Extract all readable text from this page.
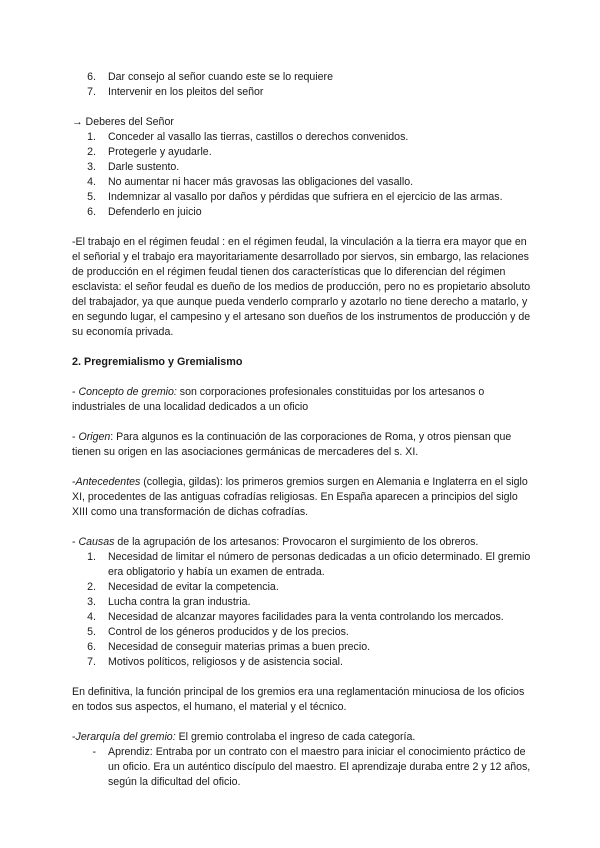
6.	Dar consejo al señor cuando este se lo requiere
7.	Intervenir en los pleitos del señor

→ Deberes del Señor

1.	Conceder al vasallo las tierras, castillos o derechos convenidos.
2.	Protegerle y ayudarle.
3.	Darle sustento.
4.	No aumentar ni hacer más gravosas las obligaciones del vasallo.
5.	Indemnizar al vasallo por daños y pérdidas que sufriera en el ejercicio de las armas.
6.	Defenderlo en juicio

-El trabajo en el régimen feudal : en el régimen feudal, la vinculación a la tierra era mayor que en el señorial y el trabajo era mayoritariamente desarrollado por siervos, sin embargo, las relaciones de producción en el régimen feudal tienen dos características que lo diferencian del régimen esclavista: el señor feudal es dueño de los medios de producción, pero no es propietario absoluto del trabajador, ya que aunque pueda venderlo comprarlo y azotarlo no tiene derecho a matarlo, y en segundo lugar, el campesino y el artesano son dueños de los instrumentos de producción y de su economía privada.

2. Pregremialismo y Gremialismo

- Concepto de gremio: son corporaciones profesionales constituidas por los artesanos o industriales de una localidad dedicados a un oficio

- Origen: Para algunos es la continuación de las corporaciones de Roma, y otros piensan que tienen su origen en las asociaciones germánicas de mercaderes del s. XI.

-Antecedentes (collegia, gildas): los primeros gremios surgen en Alemania e Inglaterra en el siglo XI, procedentes de las antiguas cofradías religiosas. En España aparecen a principios del siglo XIII como una transformación de dichas cofradías.

- Causas de la agrupación de los artesanos: Provocaron el surgimiento de los obreros.

1.	Necesidad de limitar el número de personas dedicadas a un oficio determinado. El gremio era obligatorio y había un examen de entrada.
2.	Necesidad de evitar la competencia.
3.	Lucha contra la gran industria.
4.	Necesidad de alcanzar mayores facilidades para la venta controlando los mercados.
5.	Control de los géneros producidos y de los precios.
6.	Necesidad de conseguir materias primas a buen precio.
7.	Motivos políticos, religiosos y de asistencia social.

En definitiva, la función principal de los gremios era una reglamentación minuciosa de los oficios en todos sus aspectos, el humano, el material y el técnico.

-Jerarquía del gremio: El gremio controlaba el ingreso de cada categoría.

-	Aprendiz: Entraba por un contrato con el maestro para iniciar el conocimiento práctico de un oficio. Era un auténtico discípulo del maestro. El aprendizaje duraba entre 2 y 12 años, según la dificultad del oficio.
